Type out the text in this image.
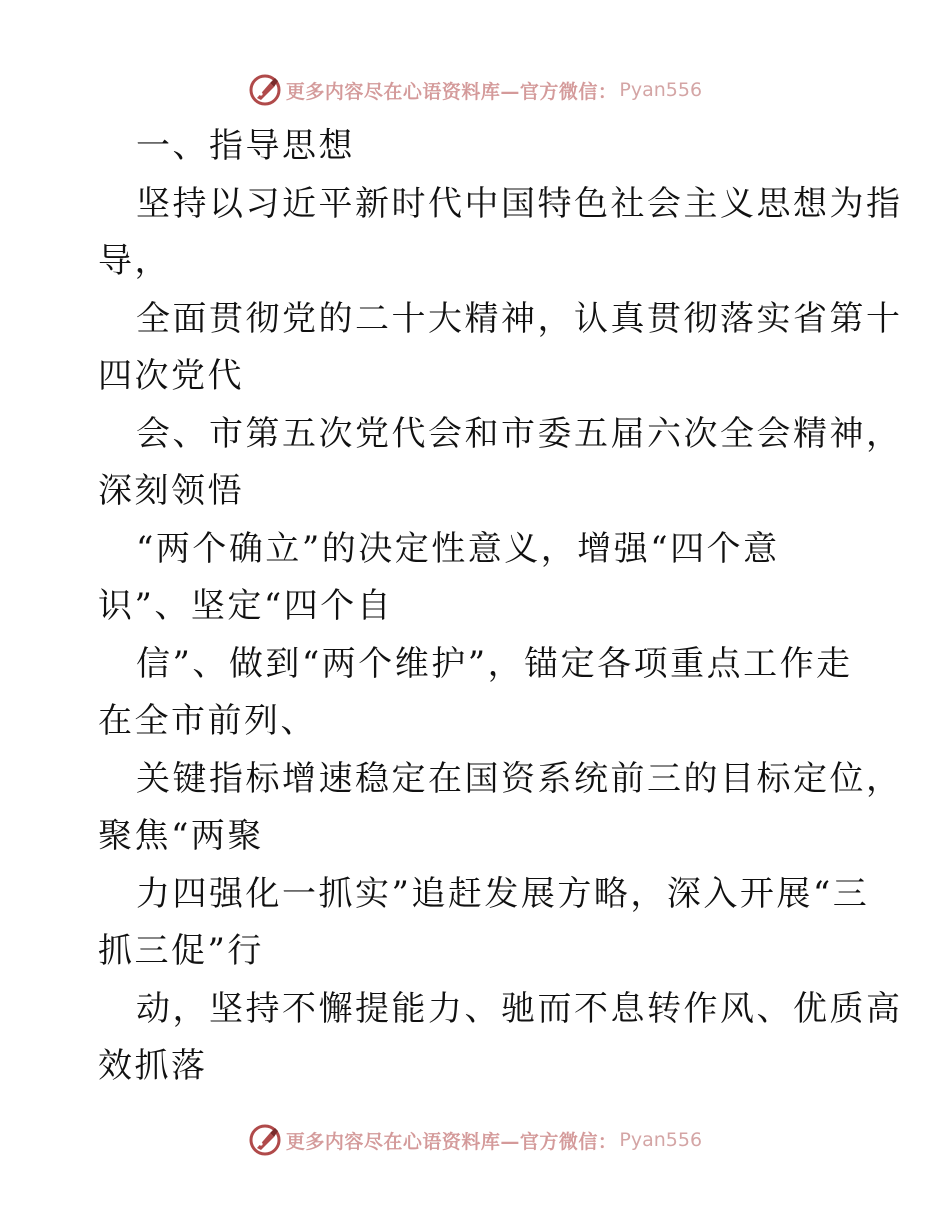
更多内容尽在心语资料库—官方微信： Pyan556
一、指导思想
坚持以习近平新时代中国特色社会主义思想为指
导，
全面贯彻党的二十大精神，认真贯彻落实省第十
四次党代
会、市第五次党代会和市委五届六次全会精神，
深刻领悟
“两个确立”的决定性意义，增强“四个意
识”、坚定“四个自
信”、做到“两个维护”，锚定各项重点工作走
在全市前列、
关键指标增速稳定在国资系统前三的目标定位，
聚焦“两聚
力四强化一抓实”追赶发展方略，深入开展“三
抓三促”行
动，坚持不懈提能力、驰而不息转作风、优质高
效抓落
更多内容尽在心语资料库—官方微信： Pyan556
